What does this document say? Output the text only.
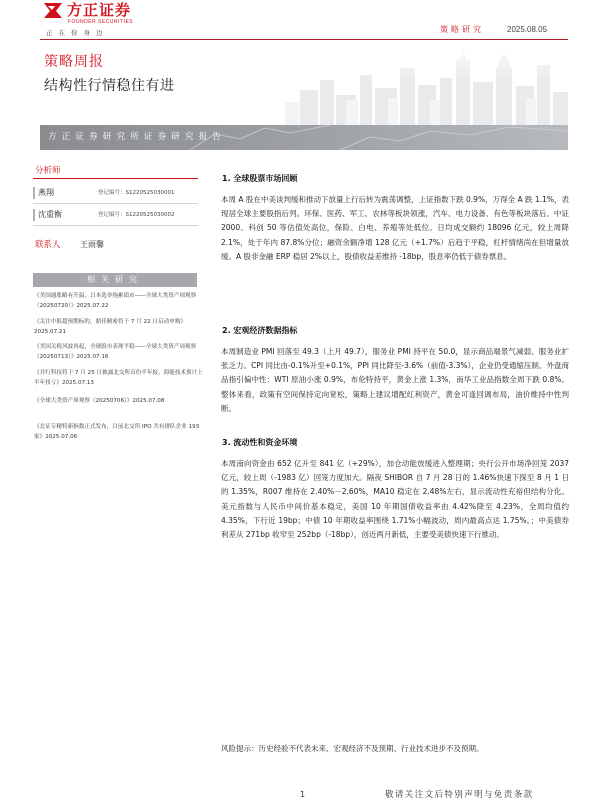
方正证券
FOUNDER SECURITIES
正在你身边	策略研究	2025.08.05
策略周报
结构性行情稳住有进
方正证券研究所证券研究报告
分析师
燕翔	登记编号：S1220525030001
沈重衡	登记编号：S1220525030002
联系人 王雨馨
相关研究
《美国通胀略有升温，日本选举拖累债市——全球大类资产周观察（20250720）》2025.07.22
《关注中报超预期标的，鼎佳精密将于 7 月 22 日启动申购》2025.07.21
《美国关税风波再起，全球股市表现平稳——全球大类资产周观察（20250713）》2025.07.16
《并行科技将于 7 月 25 日披露北交所首份半年报，海能技术预计上半年扭亏》2025.07.13
《全球大类资产周观察（20250706）》2025.07.08
《北证专精特新指数正式发布，目前北交所 IPO 共有排队企业 193 家》2025.07.06
1. 全球股票市场回顾
本周 A 股在中美谈判缓和推动下放量上行后转为震荡调整，上证指数下跌 0.9%，万得全 A 跌 1.1%，表现居全球主要股指后列。环保、医药、军工、农林等板块领涨，汽车、电力设备、有色等板块落后。中证 2000、科创 50 等估值处高位，保险、白电、养殖等处低位。日均成交额约 18096 亿元，较上周降 2.1%，处于年内 87.8%分位；融资余额净增 128 亿元（+1.7%）后趋于平稳，杠杆情绪尚在但增量放缓。A 股非金融 ERP 稳居 2%以上，股债收益差维持 -18bp，股息率仍低于债券票息。
2. 宏观经济数据指标
本周制造业 PMI 回落至 49.3（上月 49.7），服务业 PMI 持平在 50.0，显示商品端景气减弱、服务业扩张乏力。CPI 同比由-0.1%升至+0.1%，PPI 同比降至-3.6%（前值-3.3%），企业仍受通缩压制。外盘商品指引偏中性：WTI 原油小涨 0.9%，布伦特持平，黄金上涨 1.3%，南华工业品指数全周下跌 0.8%。整体来看，政策有空间保持定向宽松，策略上建议增配红利资产，黄金可逢回调布局，油价维持中性判断。
3. 流动性和资金环境
本周南向资金由 652 亿升至 841 亿（+29%），加仓动能放缓进入整理期；央行公开市场净回笼 2037 亿元，较上周（-1983 亿）回笼力度加大。隔夜 SHIBOR 自 7 月 28 日的 1.46%快速下探至 8 月 1 日的 1.35%，R007 维持在 2.40%－2.60%，MA10 稳定在 2.48%左右，显示流动性充裕但结构分化。美元指数与人民币中间价基本稳定，美国 10 年期国债收益率由 4.42%降至 4.23%，全周均值约 4.35%，下行近 19bp；中债 10 年期收益率围绕 1.71%小幅波动，周内最高点达 1.75%。；中美债券利差从 271bp 收窄至 252bp（-18bp），创近两月新低，主要受美债快速下行推动。
风险提示：历史经验不代表未来、宏观经济不及预期、行业技术进步不及预期。
1	敬请关注文后特别声明与免责条款
